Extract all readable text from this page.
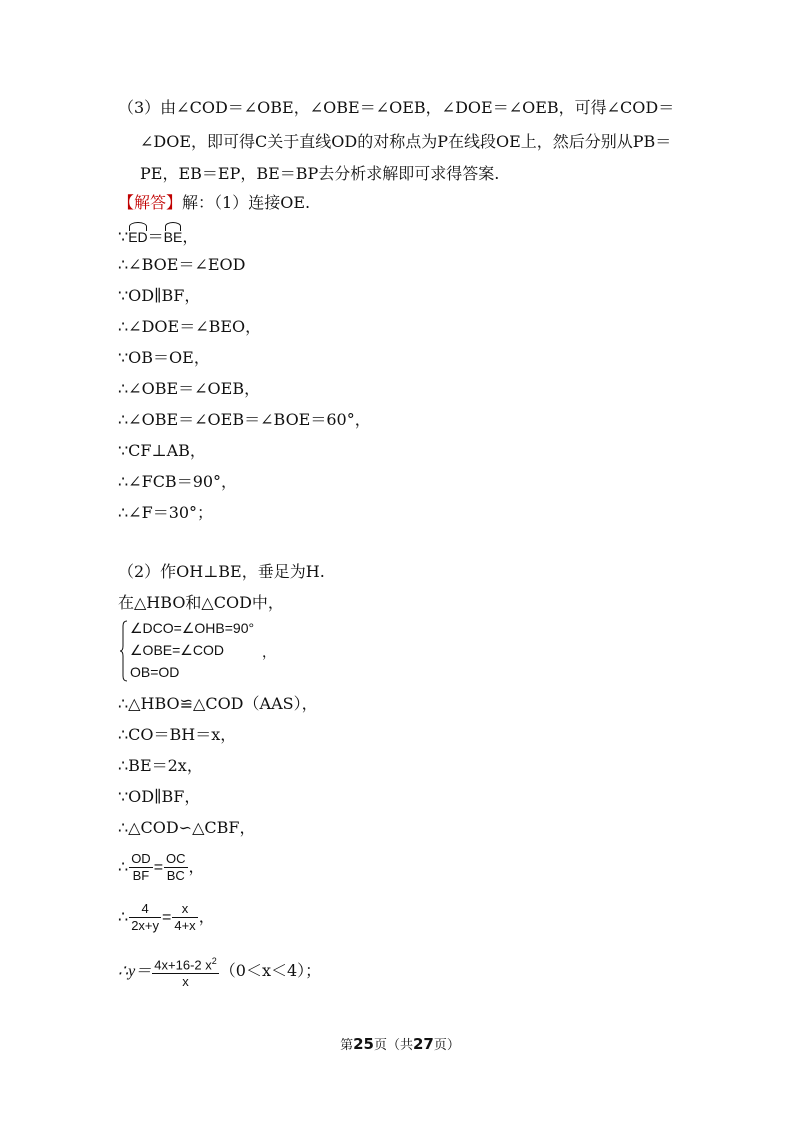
（3）由∠COD＝∠OBE，∠OBE＝∠OEB，∠DOE＝∠OEB，可得∠COD＝
∠DOE，即可得C关于直线OD的对称点为P在线段OE上，然后分别从PB＝
PE，EB＝EP，BE＝BP去分析求解即可求得答案.
【解答】解：（1）连接OE.
∵ED＝BE，
∴∠BOE＝∠EOD
∵OD∥BF，
∴∠DOE＝∠BEO，
∵OB＝OE，
∴∠OBE＝∠OEB，
∴∠OBE＝∠OEB＝∠BOE＝60°，
∵CF⊥AB，
∴∠FCB＝90°，
∴∠F＝30°；
（2）作OH⊥BE，垂足为H.
在△HBO和△COD中，
∠DCO=∠OHB=90°
∠OBE=∠COD
OB=OD
，
∴△HBO≌△COD（AAS），
∴CO＝BH＝x，
∴BE＝2x，
∵OD∥BF，
∴△COD∽△CBF，
∴ $\frac{OD}{BF} = \frac{OC}{BC}$ ，
∴ $\frac{4}{2x+y} = \frac{x}{4+x}$ ，
∴y＝ $\frac{4x+16-2 x^2}{x} (0<x<4)$；
第25页（共27页）
